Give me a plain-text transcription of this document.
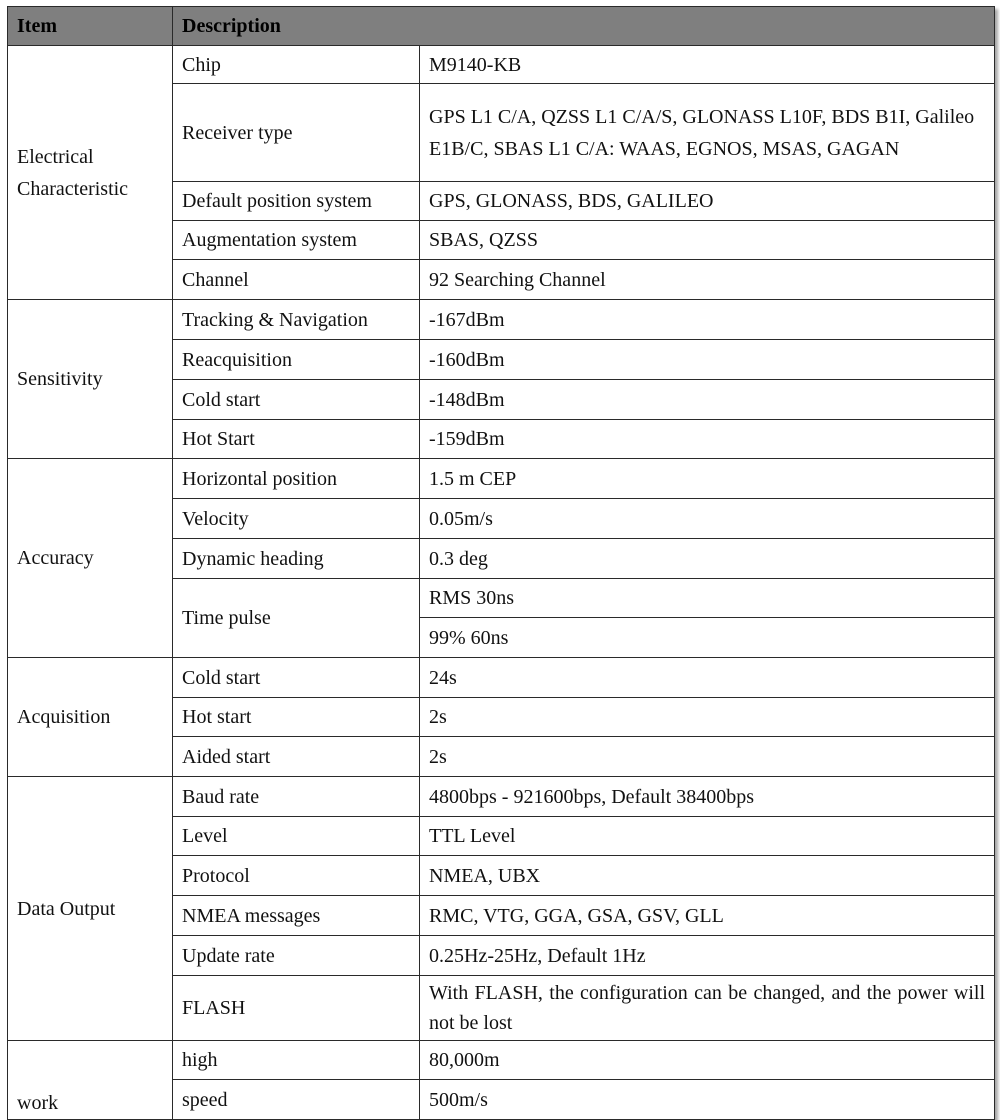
Item	Description	
Electrical Characteristic	Chip	M9140-KB
	Receiver type	GPS L1 C/A, QZSS L1 C/A/S, GLONASS L10F, BDS B1I, Galileo E1B/C, SBAS L1 C/A: WAAS, EGNOS, MSAS, GAGAN
	Default position system	GPS, GLONASS, BDS, GALILEO
	Augmentation system	SBAS, QZSS
	Channel	92 Searching Channel
Sensitivity	Tracking & Navigation	-167dBm
	Reacquisition	-160dBm
	Cold start	-148dBm
	Hot Start	-159dBm
Accuracy	Horizontal position	1.5 m CEP
	Velocity	0.05m/s
	Dynamic heading	0.3 deg
	Time pulse	RMS 30ns
		99% 60ns
Acquisition	Cold start	24s
	Hot start	2s
	Aided start	2s
Data Output	Baud rate	4800bps - 921600bps, Default 38400bps
	Level	TTL Level
	Protocol	NMEA, UBX
	NMEA messages	RMC, VTG, GGA, GSA, GSV, GLL
	Update rate	0.25Hz-25Hz, Default 1Hz
	FLASH	With FLASH, the configuration can be changed, and the power will not be lost
work	high	80,000m
	speed	500m/s
